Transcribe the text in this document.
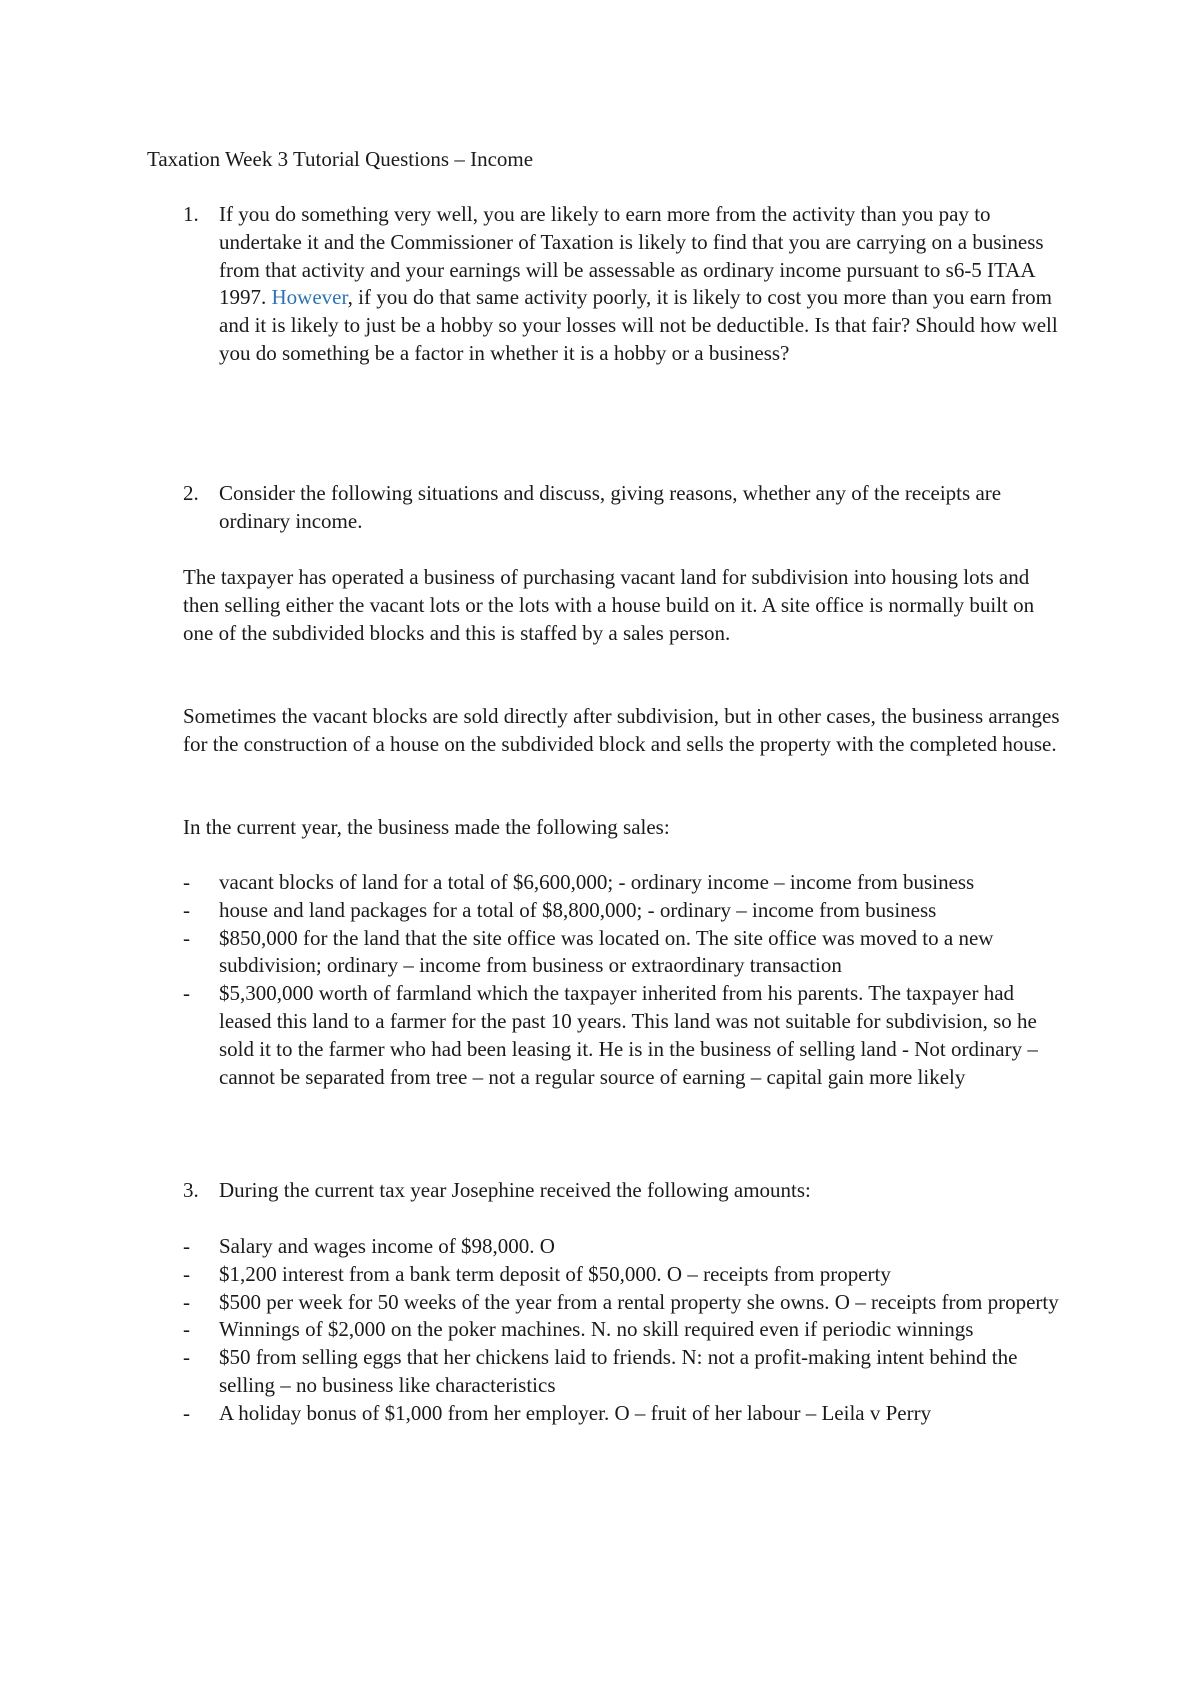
Taxation Week 3 Tutorial Questions – Income
1. If you do something very well, you are likely to earn more from the activity than you pay to undertake it and the Commissioner of Taxation is likely to find that you are carrying on a business from that activity and your earnings will be assessable as ordinary income pursuant to s6-5 ITAA 1997. However, if you do that same activity poorly, it is likely to cost you more than you earn from and it is likely to just be a hobby so your losses will not be deductible. Is that fair? Should how well you do something be a factor in whether it is a hobby or a business?
2. Consider the following situations and discuss, giving reasons, whether any of the receipts are ordinary income.

The taxpayer has operated a business of purchasing vacant land for subdivision into housing lots and then selling either the vacant lots or the lots with a house build on it. A site office is normally built on one of the subdivided blocks and this is staffed by a sales person.

Sometimes the vacant blocks are sold directly after subdivision, but in other cases, the business arranges for the construction of a house on the subdivided block and sells the property with the completed house.

In the current year, the business made the following sales:

- vacant blocks of land for a total of $6,600,000; - ordinary income – income from business
- house and land packages for a total of $8,800,000; - ordinary – income from business
- $850,000 for the land that the site office was located on. The site office was moved to a new subdivision; ordinary – income from business or extraordinary transaction
- $5,300,000 worth of farmland which the taxpayer inherited from his parents. The taxpayer had leased this land to a farmer for the past 10 years. This land was not suitable for subdivision, so he sold it to the farmer who had been leasing it. He is in the business of selling land - Not ordinary – cannot be separated from tree – not a regular source of earning – capital gain more likely
3. During the current tax year Josephine received the following amounts:
- Salary and wages income of $98,000. O
- $1,200 interest from a bank term deposit of $50,000. O – receipts from property
- $500 per week for 50 weeks of the year from a rental property she owns. O – receipts from property
- Winnings of $2,000 on the poker machines. N. no skill required even if periodic winnings
- $50 from selling eggs that her chickens laid to friends. N: not a profit-making intent behind the selling – no business like characteristics
- A holiday bonus of $1,000 from her employer. O – fruit of her labour – Leila v Perry
